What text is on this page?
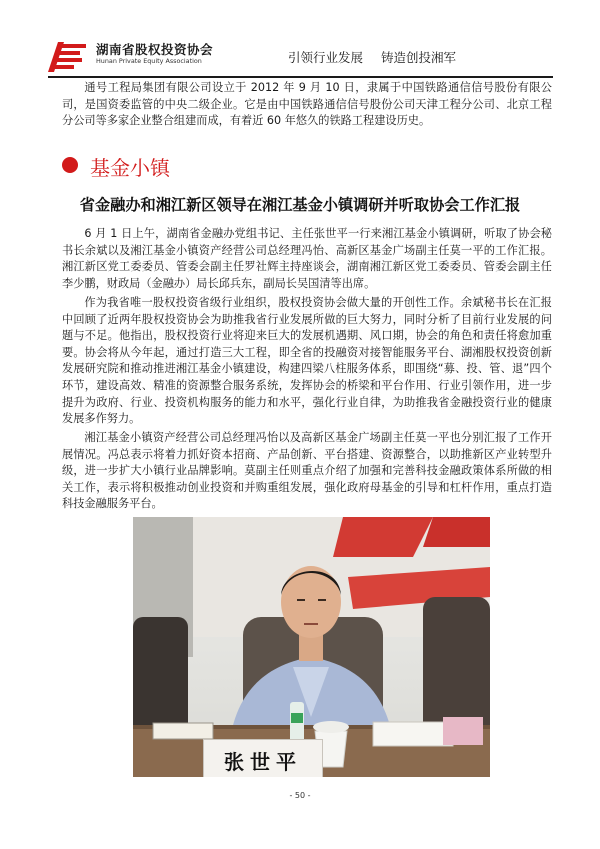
湖南省股权投资协会
Hunan Private Equity Association	引领行业发展 铸造创投湘军

通号工程局集团有限公司设立于 2012 年 9 月 10 日，隶属于中国铁路通信信号股份有限公司，是国资委监管的中央二级企业。它是由中国铁路通信信号股份公司天津工程分公司、北京工程分公司等多家企业整合组建而成，有着近 60 年悠久的铁路工程建设历史。

基金小镇
省金融办和湘江新区领导在湘江基金小镇调研并听取协会工作汇报

6 月 1 日上午，湖南省金融办党组书记、主任张世平一行来湘江基金小镇调研，听取了协会秘书长余斌以及湘江基金小镇资产经营公司总经理冯怡、高新区基金广场副主任莫一平的工作汇报。湘江新区党工委委员、管委会副主任罗社辉主持座谈会，湖南湘江新区党工委委员、管委会副主任李少鹏，财政局（金融办）局长邱兵东，副局长吴国清等出席。

作为我省唯一股权投资省级行业组织，股权投资协会做大量的开创性工作。余斌秘书长在汇报中回顾了近两年股权投资协会为助推我省行业发展所做的巨大努力，同时分析了目前行业发展的问题与不足。他指出，股权投资行业将迎来巨大的发展机遇期、风口期，协会的角色和责任将愈加重要。协会将从今年起，通过打造三大工程，即全省的投融资对接智能服务平台、湖湘股权投资创新发展研究院和推动推进湘江基金小镇建设，构建四梁八柱服务体系，即围绕“募、投、管、退”四个环节，建设高效、精准的资源整合服务系统，发挥协会的桥梁和平台作用、行业引领作用，进一步提升为政府、行业、投资机构服务的能力和水平，强化行业自律，为助推我省金融投资行业的健康发展多作努力。

湘江基金小镇资产经营公司总经理冯怡以及高新区基金广场副主任莫一平也分别汇报了工作开展情况。冯总表示将着力抓好资本招商、产品创新、平台搭建、资源整合，以助推新区产业转型升级，进一步扩大小镇行业品牌影响。莫副主任则重点介绍了加强和完善科技金融政策体系所做的相关工作，表示将积极推动创业投资和并购重组发展，强化政府母基金的引导和杠杆作用，重点打造科技金融服务平台。

张世平
- 50 -
